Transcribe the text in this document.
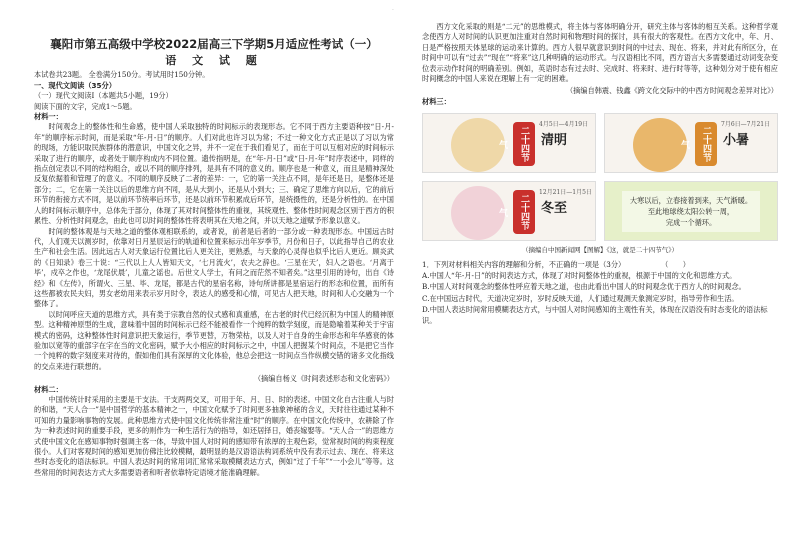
.
襄阳市第五高级中学校2022届高三下学期5月适应性考试（一）
语 文 试 题
本试卷共23题。 全卷满分150分。考试用时150分钟。
一、现代文阅读（35分）
（一）现代文阅读Ⅰ（本题共5小题，19分）
阅读下面的文字，完成1～5题。
材料一：

时间观念上的整体性和生命感，使中国人采取独特的时间标示的表现形态。它不同于西方主要语种按“日-月-年”的顺序标示时间，而是采取“年-月-日”的顺序。人们对此也许习以为常；不过一种文化方式正是以了习以为常的现场，方能识取民族群体的潜意识，中国文化之异，并不一定在于我们看见了，而在于可以互相对应的时间标示采取了进行的顺序，或者处于顺序构成内不同位置。遗传指明是，在“年-月-日”或“日-月-年”时序表述中，同样的指点创定表以不同的结构组合，或以不同的顺序排列，是具有不同的意义的。顺序也是一种意义，而且是精神深处反复依据着和管理了的意义。不同的顺序反映了二者的差异：一，它的第一关注点不同，是年还是日，是整体还是部分；二，它在第一关注以后的思维方向不同，是从大到小，还是从小到大；三、确定了思维方向以后，它的前后环节的衔接方式不同，是以前环节统率后环节，还是以前环节积累成后环节，是统摄性的，还是分析性的。在中国人的时间标示顺序中，总体先于部分，体现了其对时间整体性的重视，其统观性、整体性时间观念区别于西方的积累性、分析性时间观念，由此也可以时间的整体性将表明其在天地之间，并以天地之道赋予形象以意义。

时间的整体观是与天地之道的整体观相联系的，或者说，前者是后者的一部分或一种表现形态。中国远古时代，人们观天以测岁时，依靠对日月星辰运行的轨道和位置来标示出年岁季节，月份和日子，以此指导自己的农业生产和社会生活。因此远古人对天象运行位置比后人更关注，更熟悉，与天象的心灵得也似乎比后人更近。顾炎武的《日知录》卷三十说：“三代以上人人皆知天文，‘七月流火’，农夫之辞也。‘三星在天’，妇人之语也。‘月离于毕’，戍卒之作也，‘龙尾伏晨’，儿童之谣也。后世文人学士，有问之而茫然不知者矣。”这里引用的诗句，出自《诗经》和《左传》，所谓火、三星、毕、龙尾，都是古代的星宿名称，诗句所讲都是星宿运行的形态和位置，而所有这些都被农民夫妇，男女老幼用来表示岁月时令，表达人的感受和心情，可见古人把天地，时间和人心交融为一个整体了。

以时间呼应天道的思维方式，具有类于宗教自然的仪式感和真重感，在古老的时代已经沉积为中国人的精神原型。这种精神原型的生成，意味着中国的时间标示已经不能被看作一个纯粹的数学刻度，而是隐喻着某种关于宇宙模式的密码，这种整体性时间意识把天象运行，季节更替，万物荣枯，以及人对于自身的生命形态和年华感衰的体验加以宽等的重部字在字在当的文化密码，赋予大小相应的时间标示之中，中国人把握某个时间点，不是把它当作一个纯粹的数字刻度来对待的，假如他们具有深厚的文化体验，他总会把这一时间点当作纵横交错的诸多文化指线的交点来进行联想的。

（摘编自杨义《时间表述形态和文化密码》）
材料二：

中国传统计时采用的主要是干支法。干支两两交叉，可用于年、月、日、时的表述。中国文化自古注重人与时的和谐，“天人合一”是中国哲学的基本精神之一，中国文化赋予了时间更多抽象神秘的含义，天时往往通过某种不可知的力量影响事物的发展。此种思维方式使中国文化传统非常注重“时”的顺序。在中国文化传统中，农耕除了作为一种表述时间的重要手段，更多的则作为一种生活行为的指导，如还居择日，婚丧嫁娶等。“天人合一”的思维方式使中国文化在感知事物时强调主客一体，导致中国人对时间的感知带有浓厚的主观色彩，觉常视时间的构束程度很小。人们对客观时间的感知更加仿佛注比较模糊，最明显的是汉语语法构词系统中没有表示过去、现在、将来这些时态变化的语法标识。中国人表达时间的常用词汇常常采取模糊表达方式，例如“过了千年”“一小会儿”等等。这些常用的时间表达方式大多需要语者和听者依靠特定语境才能准确理解。

西方文化采取的则是“二元”的思维模式，将主体与客体明确分开，研究主体与客体的相互关系。这种哲学观念使西方人对时间的认识更加注重对自然时间和物理时间的探讨，具有很大的客观性。在西方文化中，年、月、日是严格按照天体星球的运动来计算的。西方人很早就意识到时间的中过去、现在、将来，并对此有所区分，在时间中可以有“过去”“现在”“将来”这几种明确的运动形式。与汉语相比不同，西方语言大多需要通过动词变杂变位表示动作时间的明确差别。例如，英语时态有过去时、完成时、将来时、进行时等等，这种划分对于使有相应时间概念的中国人来说在理解上有一定的困难。

（摘编自韩震、钱鑫《跨文化交际中的中西方时间观念差异对比》）
材料三：
二十四节气
4月5日—4月19日
清明	二十四节气
7月6日—7月21日
小暑
二十四节气
12月21日—1月5日
冬至
大寒以后，立春接着到来，天气渐暖。
至此地球绕太阳公转一周，
完成一个循环。
（摘编自中国新闻网【图解】《这，就是二十四节气》）
1．下列对材料相关内容的理解和分析，不正确的一项是（3分）　　　　　　（　　）
A.中国人“年-月-日”的时间表达方式，体现了对时间整体性的重视，根源于中国的文化和思维方式。
B.中国人对时间观念的整体性呼应着天地之道，也由此看出中国人的时间观念优于西方人的时间观念。
C.在中国远古时代，天道决定岁时，岁时反映天道，人们通过观测天象测定岁时，指导劳作和生活。
D.中国人表达时间常用模糊表达方式，与中国人对时间感知的主观性有关，体现在汉语没有时态变化的语法标识。
